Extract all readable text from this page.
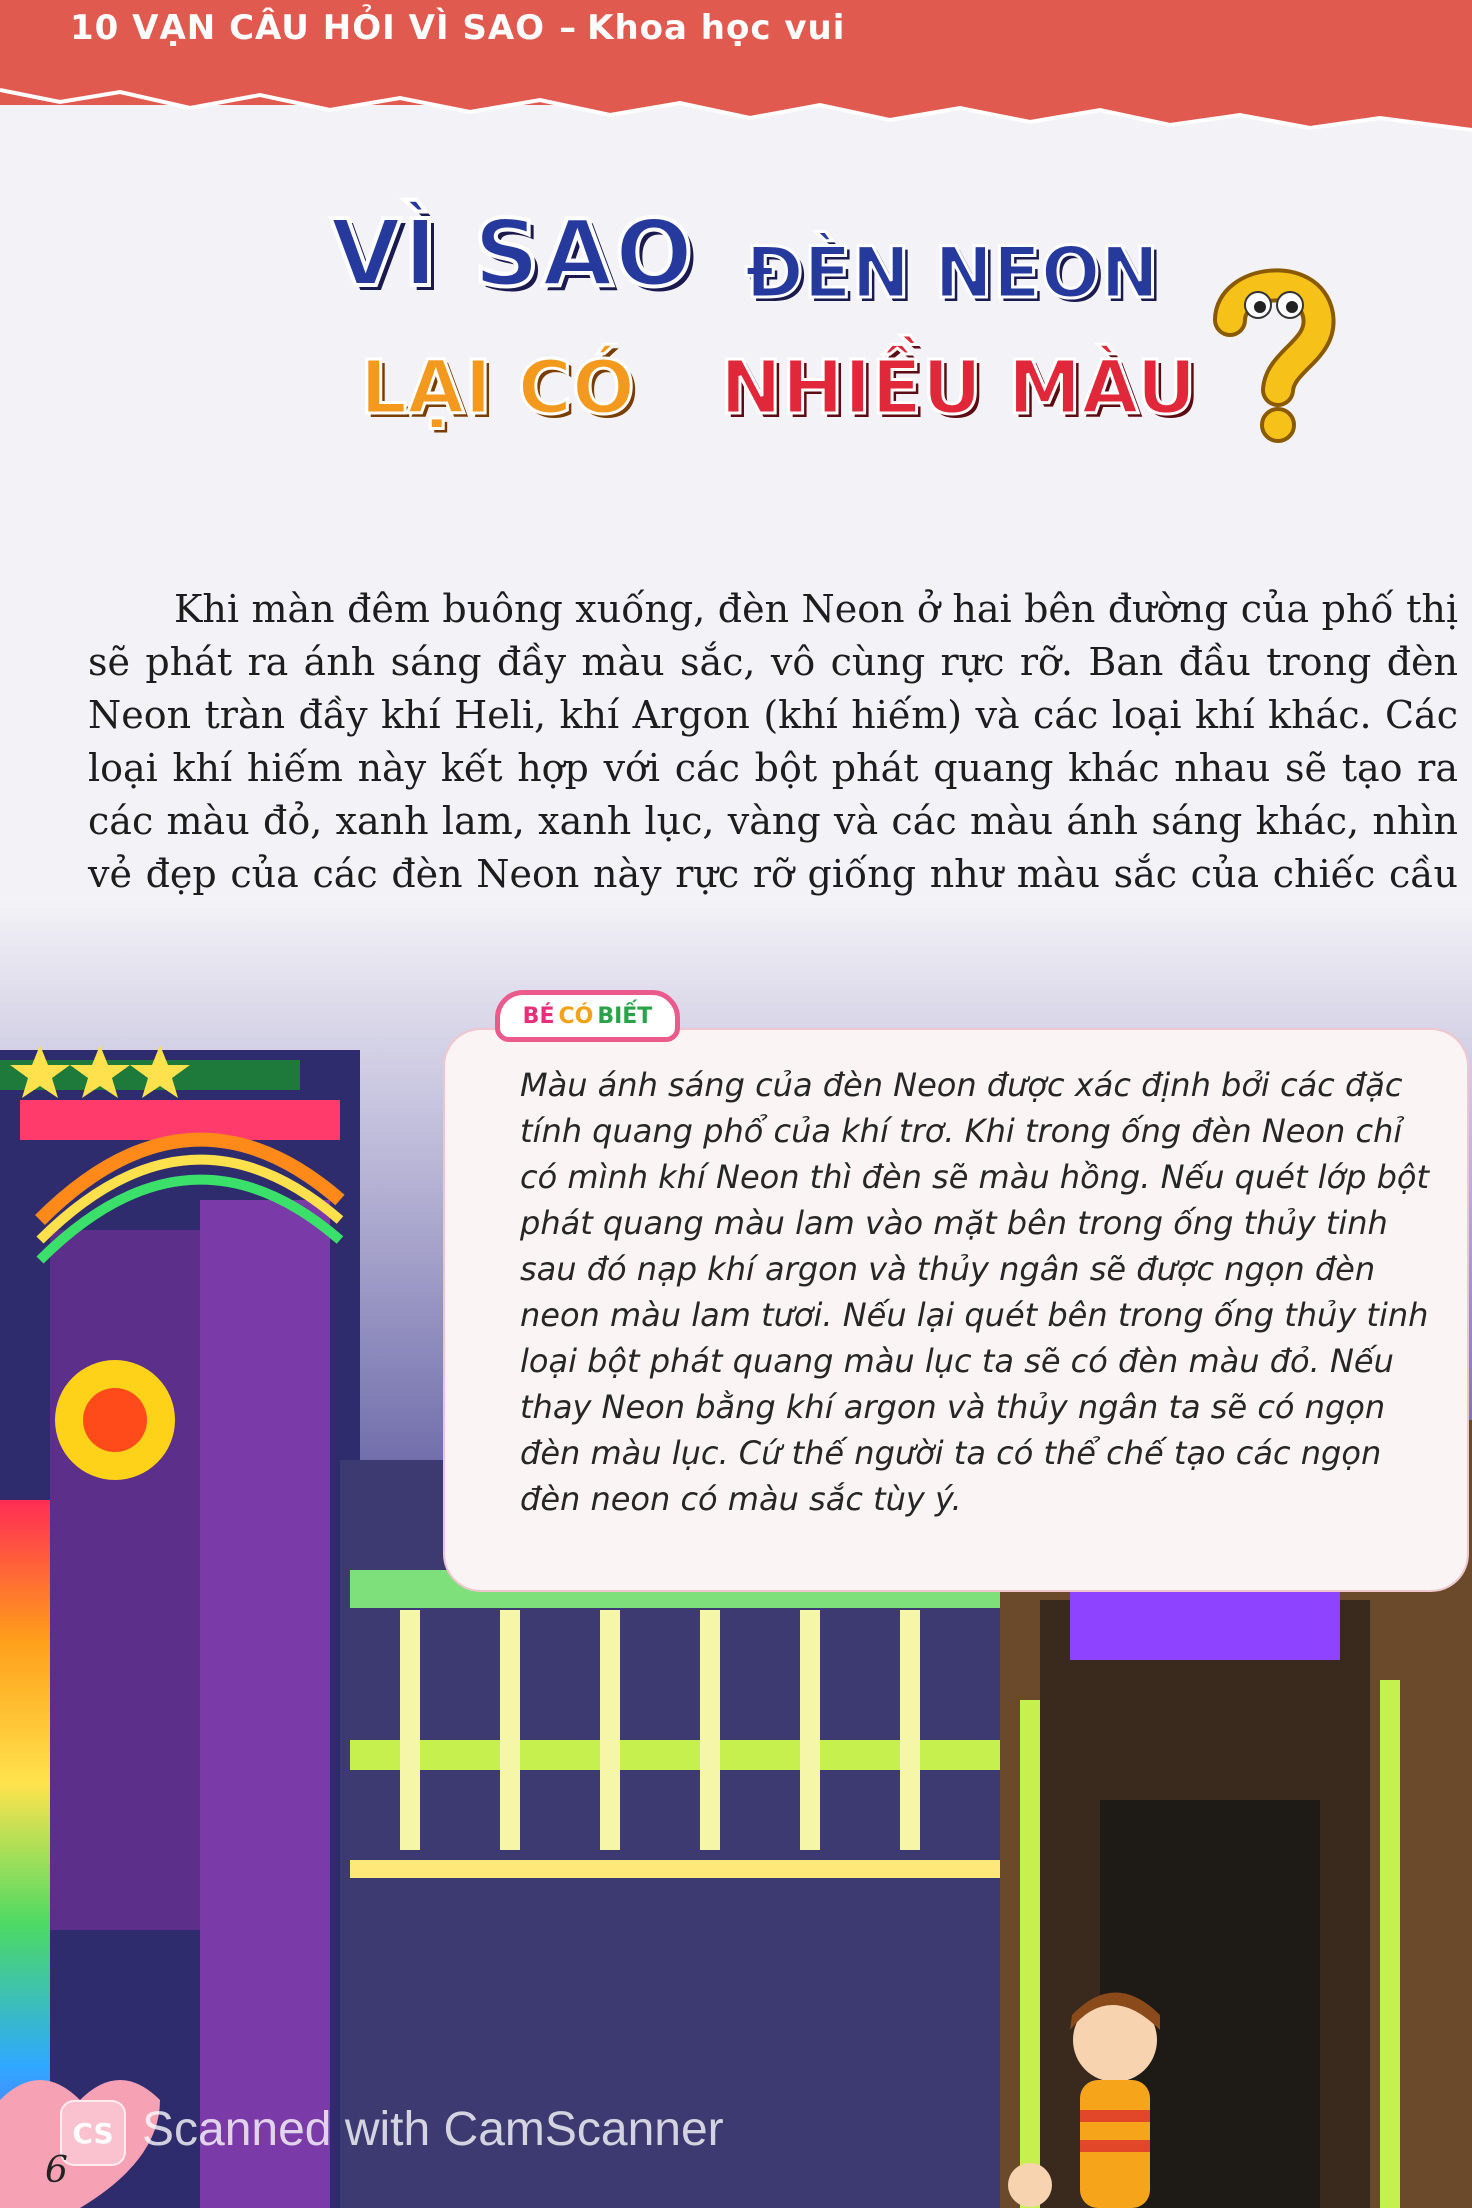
10 VẠN CÂU HỎI VÌ SAO – Khoa học vui
VÌ SAO ĐÈN NEON
LẠI CÓ NHIỀU MÀU

Khi màn đêm buông xuống, đèn Neon ở hai bên đường của phố thị sẽ phát ra ánh sáng đầy màu sắc, vô cùng rực rỡ. Ban đầu trong đèn Neon tràn đầy khí Heli, khí Argon (khí hiếm) và các loại khí khác. Các loại khí hiếm này kết hợp với các bột phát quang khác nhau sẽ tạo ra các màu đỏ, xanh lam, xanh lục, vàng và các màu ánh sáng khác, nhìn vẻ đẹp của các đèn Neon này rực rỡ giống như màu sắc của chiếc cầu

BÉ CÓ BIẾT
Màu ánh sáng của đèn Neon được xác định bởi các đặc tính quang phổ của khí trơ. Khi trong ống đèn Neon chỉ có mình khí Neon thì đèn sẽ màu hồng. Nếu quét lớp bột phát quang màu lam vào mặt bên trong ống thủy tinh sau đó nạp khí argon và thủy ngân sẽ được ngọn đèn neon màu lam tươi. Nếu lại quét bên trong ống thủy tinh loại bột phát quang màu lục ta sẽ có đèn màu đỏ. Nếu thay Neon bằng khí argon và thủy ngân ta sẽ có ngọn đèn màu lục. Cứ thế người ta có thể chế tạo các ngọn đèn neon có màu sắc tùy ý.
CS Scanned with CamScanner
6
